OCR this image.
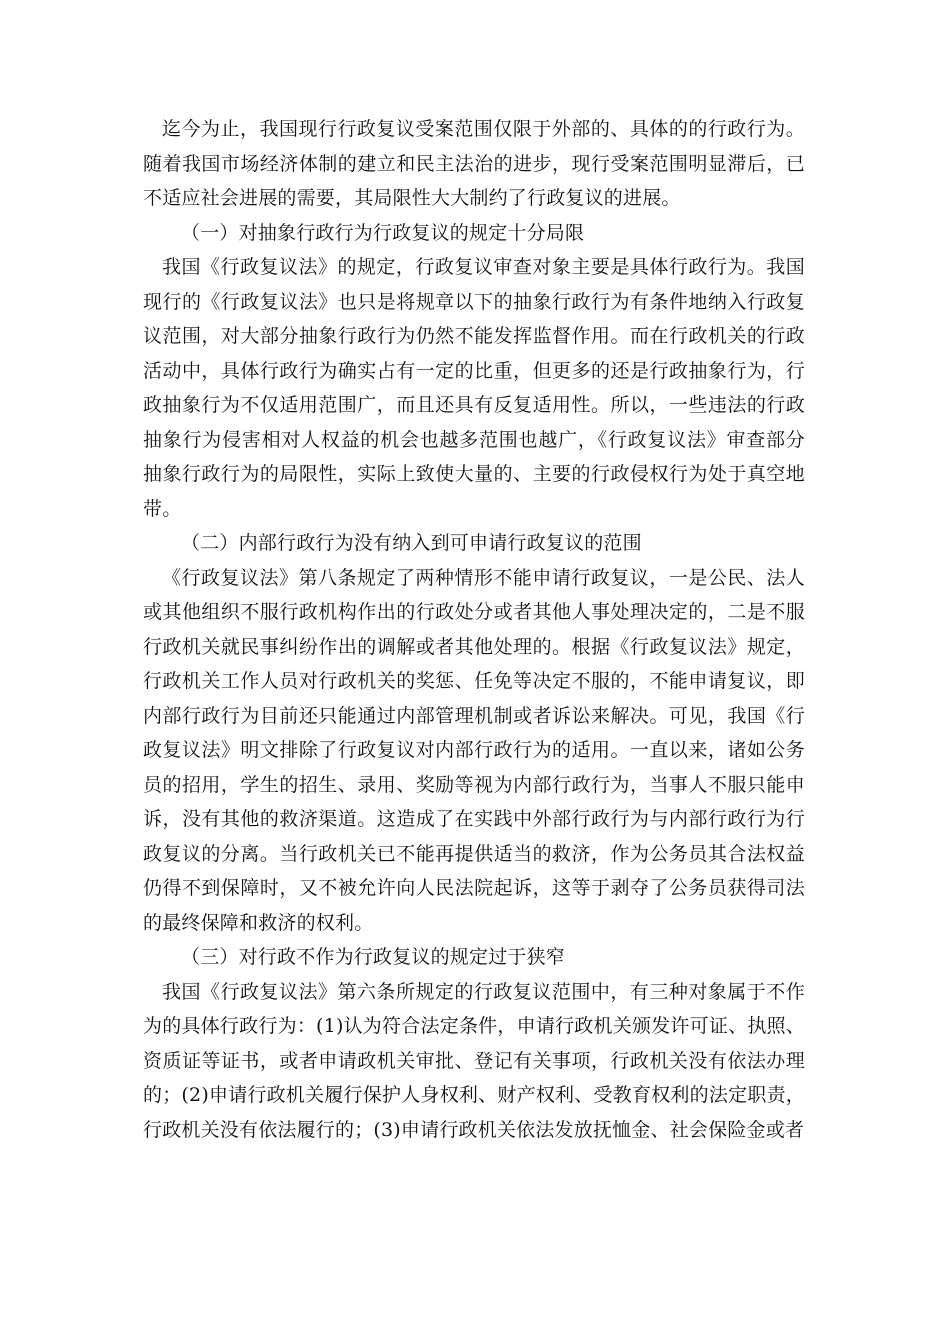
迄今为止，我国现行行政复议受案范围仅限于外部的、具体的的行政行为。随着我国市场经济体制的建立和民主法治的进步，现行受案范围明显滞后，已不适应社会进展的需要，其局限性大大制约了行政复议的进展。

（一）对抽象行政行为行政复议的规定十分局限

我国《行政复议法》的规定，行政复议审查对象主要是具体行政行为。我国现行的《行政复议法》也只是将规章以下的抽象行政行为有条件地纳入行政复议范围，对大部分抽象行政行为仍然不能发挥监督作用。而在行政机关的行政活动中，具体行政行为确实占有一定的比重，但更多的还是行政抽象行为，行政抽象行为不仅适用范围广，而且还具有反复适用性。所以，一些违法的行政抽象行为侵害相对人权益的机会也越多范围也越广，《行政复议法》审查部分抽象行政行为的局限性，实际上致使大量的、主要的行政侵权行为处于真空地带。

（二）内部行政行为没有纳入到可申请行政复议的范围

《行政复议法》第八条规定了两种情形不能申请行政复议，一是公民、法人或其他组织不服行政机构作出的行政处分或者其他人事处理决定的，二是不服行政机关就民事纠纷作出的调解或者其他处理的。根据《行政复议法》规定，行政机关工作人员对行政机关的奖惩、任免等决定不服的，不能申请复议，即内部行政行为目前还只能通过内部管理机制或者诉讼来解决。可见，我国《行政复议法》明文排除了行政复议对内部行政行为的适用。一直以来，诸如公务员的招用，学生的招生、录用、奖励等视为内部行政行为，当事人不服只能申诉，没有其他的救济渠道。这造成了在实践中外部行政行为与内部行政行为行政复议的分离。当行政机关已不能再提供适当的救济，作为公务员其合法权益仍得不到保障时，又不被允许向人民法院起诉，这等于剥夺了公务员获得司法的最终保障和救济的权利。

（三）对行政不作为行政复议的规定过于狭窄

我国《行政复议法》第六条所规定的行政复议范围中，有三种对象属于不作为的具体行政行为：(1)认为符合法定条件，申请行政机关颁发许可证、执照、资质证等证书，或者申请政机关审批、登记有关事项，行政机关没有依法办理的；(2)申请行政机关履行保护人身权利、财产权利、受教育权利的法定职责，行政机关没有依法履行的；(3)申请行政机关依法发放抚恤金、社会保险金或者
